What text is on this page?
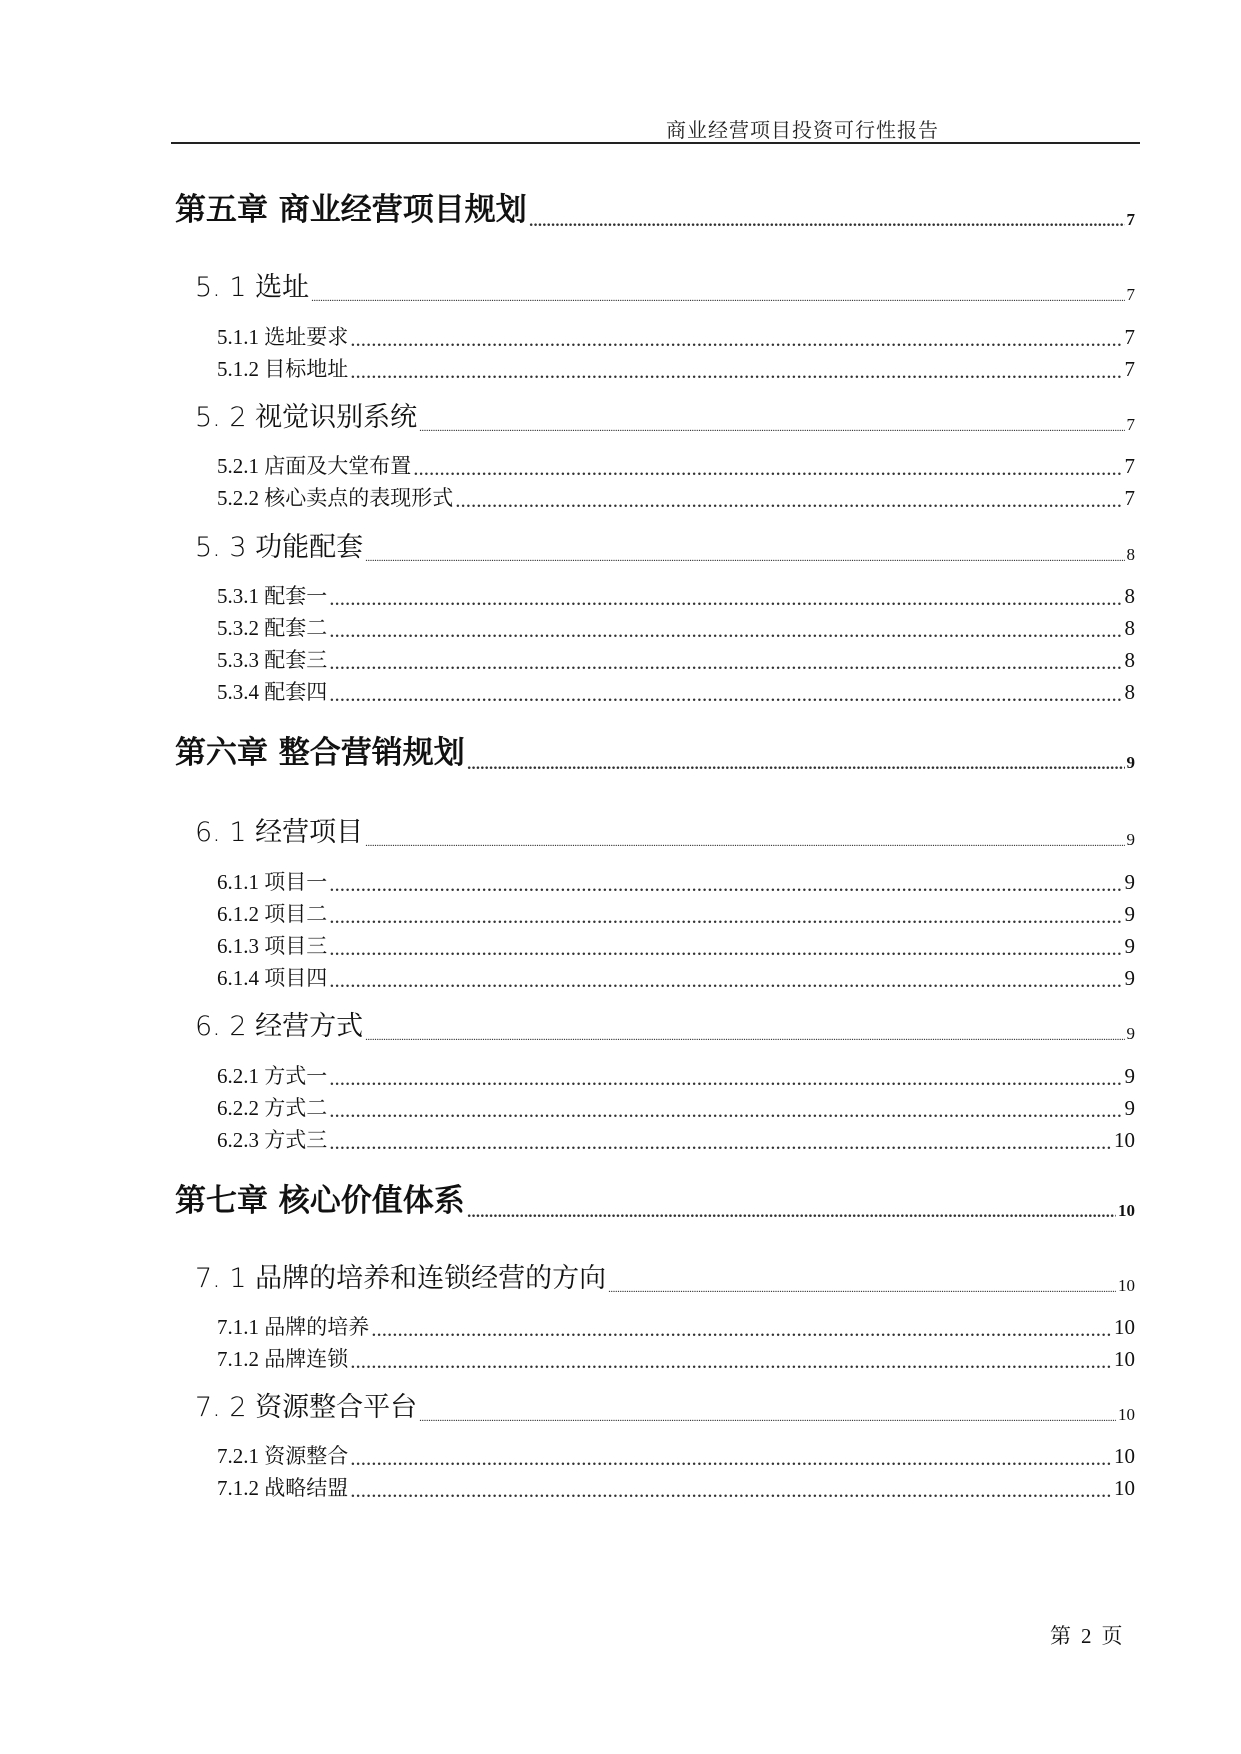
商业经营项目投资可行性报告
第五章 商业经营项目规划 .....	7
5. 1 选址 .....	7
5.1.1 选址要求 .....	7
5.1.2 目标地址 .....	7
5. 2 视觉识别系统 .....	7
5.2.1 店面及大堂布置 .....	7
5.2.2 核心卖点的表现形式 .....	7
5. 3 功能配套 .....	8
5.3.1 配套一 .....	8
5.3.2 配套二 .....	8
5.3.3 配套三 .....	8
5.3.4 配套四 .....	8
第六章 整合营销规划 .....	9
6. 1 经营项目 .....	9
6.1.1 项目一 .....	9
6.1.2 项目二 .....	9
6.1.3 项目三 .....	9
6.1.4 项目四 .....	9
6. 2 经营方式 .....	9
6.2.1 方式一 .....	9
6.2.2 方式二 .....	9
6.2.3 方式三 .....	10
第七章 核心价值体系 .....	10
7. 1 品牌的培养和连锁经营的方向 .....	10
7.1.1 品牌的培养 .....	10
7.1.2 品牌连锁 .....	10
7. 2 资源整合平台 .....	10
7.2.1 资源整合 .....	10
7.1.2 战略结盟 .....	10
第 2 页
